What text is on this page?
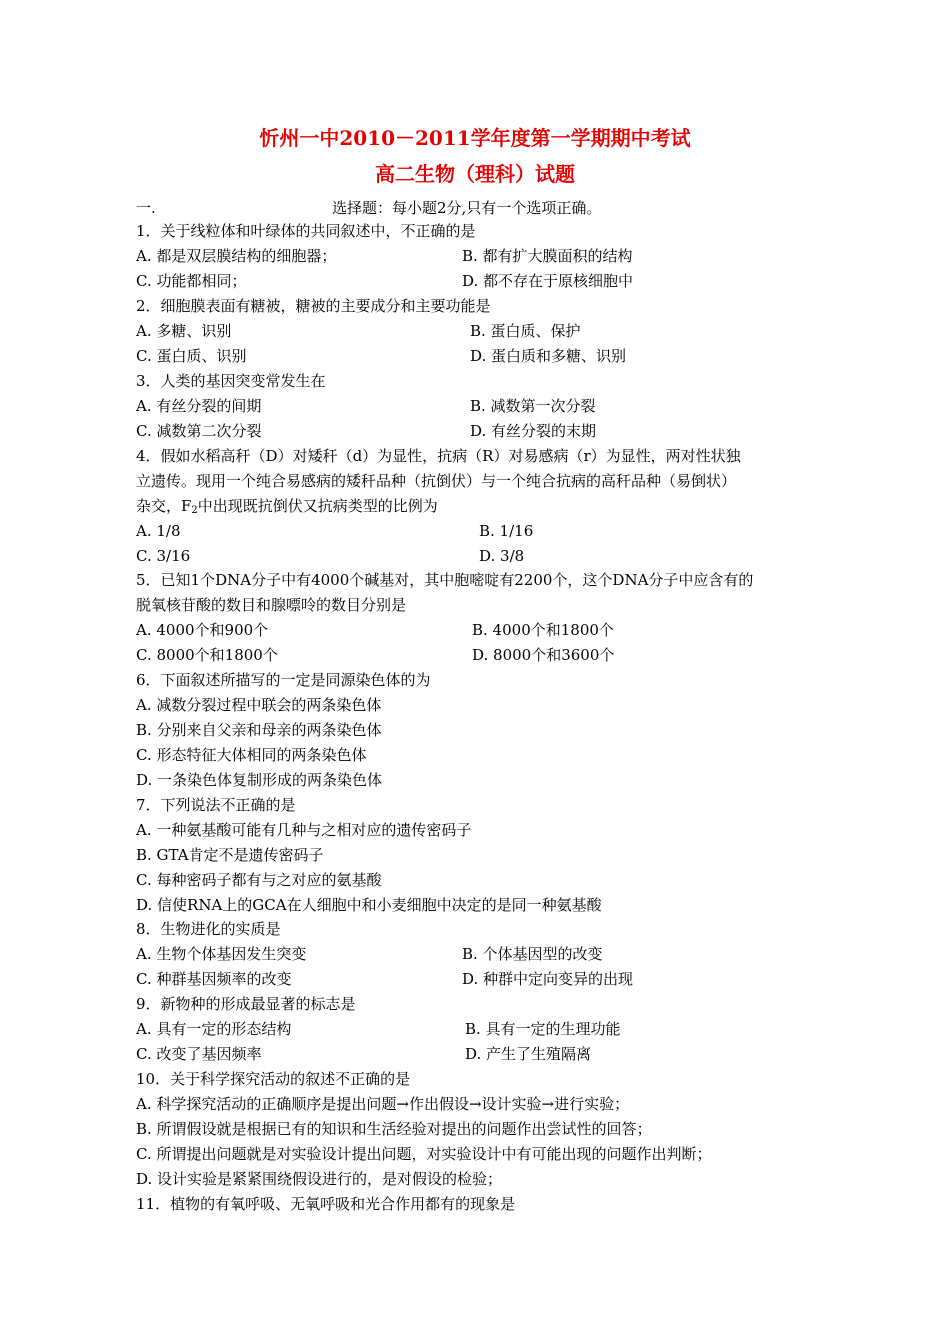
忻州一中2010－2011学年度第一学期期中考试
高二生物（理科）试题
一.	选择题：每小题2分,只有一个选项正确。
1．关于线粒体和叶绿体的共同叙述中，不正确的是
A. 都是双层膜结构的细胞器；	B. 都有扩大膜面积的结构
C. 功能都相同；	D. 都不存在于原核细胞中
2．细胞膜表面有糖被，糖被的主要成分和主要功能是
A. 多糖、识别	B. 蛋白质、保护
C. 蛋白质、识别	D. 蛋白质和多糖、识别
3．人类的基因突变常发生在
A. 有丝分裂的间期	B. 减数第一次分裂
C. 减数第二次分裂	D. 有丝分裂的末期
4．假如水稻高秆（D）对矮秆（d）为显性，抗病（R）对易感病（r）为显性，两对性状独
立遗传。现用一个纯合易感病的矮秆品种（抗倒伏）与一个纯合抗病的高秆品种（易倒状）
杂交，$F_2$中出现既抗倒伏又抗病类型的比例为
A. 1/8	B. 1/16
C. 3/16	D. 3/8
5．已知1个DNA分子中有4000个碱基对，其中胞嘧啶有2200个，这个DNA分子中应含有的
脱氧核苷酸的数目和腺嘌呤的数目分别是
A. 4000个和900个	B. 4000个和1800个
C. 8000个和1800个	D. 8000个和3600个
6．下面叙述所描写的一定是同源染色体的为
A. 减数分裂过程中联会的两条染色体
B. 分别来自父亲和母亲的两条染色体
C. 形态特征大体相同的两条染色体
D. 一条染色体复制形成的两条染色体
7．下列说法不正确的是
A. 一种氨基酸可能有几种与之相对应的遗传密码子
B. GTA肯定不是遗传密码子
C. 每种密码子都有与之对应的氨基酸
D. 信使RNA上的GCA在人细胞中和小麦细胞中决定的是同一种氨基酸
8．生物进化的实质是
A. 生物个体基因发生突变	B. 个体基因型的改变
C. 种群基因频率的改变	D. 种群中定向变异的出现
9．新物种的形成最显著的标志是
A. 具有一定的形态结构	B. 具有一定的生理功能
C. 改变了基因频率	D. 产生了生殖隔离
10．关于科学探究活动的叙述不正确的是
A. 科学探究活动的正确顺序是提出问题→作出假设→设计实验→进行实验；
B. 所谓假设就是根据已有的知识和生活经验对提出的问题作出尝试性的回答；
C. 所谓提出问题就是对实验设计提出问题，对实验设计中有可能出现的问题作出判断；
D. 设计实验是紧紧围绕假设进行的，是对假设的检验；
11．植物的有氧呼吸、无氧呼吸和光合作用都有的现象是
